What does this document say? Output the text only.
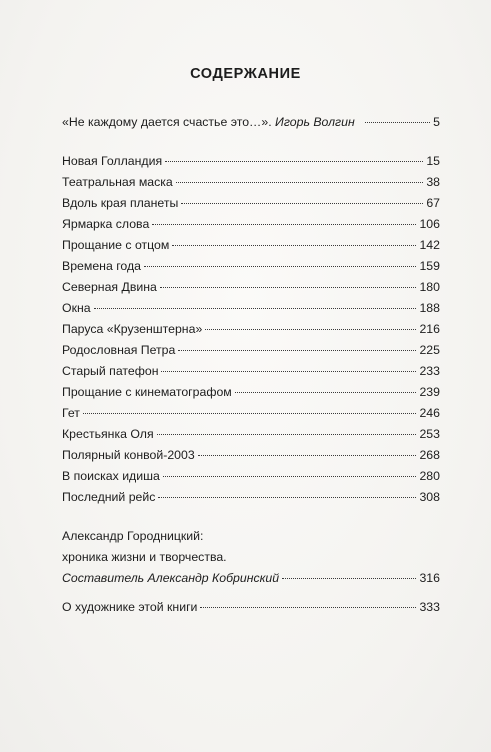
СОДЕРЖАНИЕ
«Не каждому дается счастье это…». Игорь Волгин	5
Новая Голландия	15
Театральная маска	38
Вдоль края планеты	67
Ярмарка слова	106
Прощание с отцом	142
Времена года	159
Северная Двина	180
Окна	188
Паруса «Крузенштерна»	216
Родословная Петра	225
Старый патефон	233
Прощание с кинематографом	239
Гет	246
Крестьянка Оля	253
Полярный конвой-2003	268
В поисках идиша	280
Последний рейс	308
Александр Городницкий:
хроника жизни и творчества.
Составитель Александр Кобринский	316
О художнике этой книги	333
